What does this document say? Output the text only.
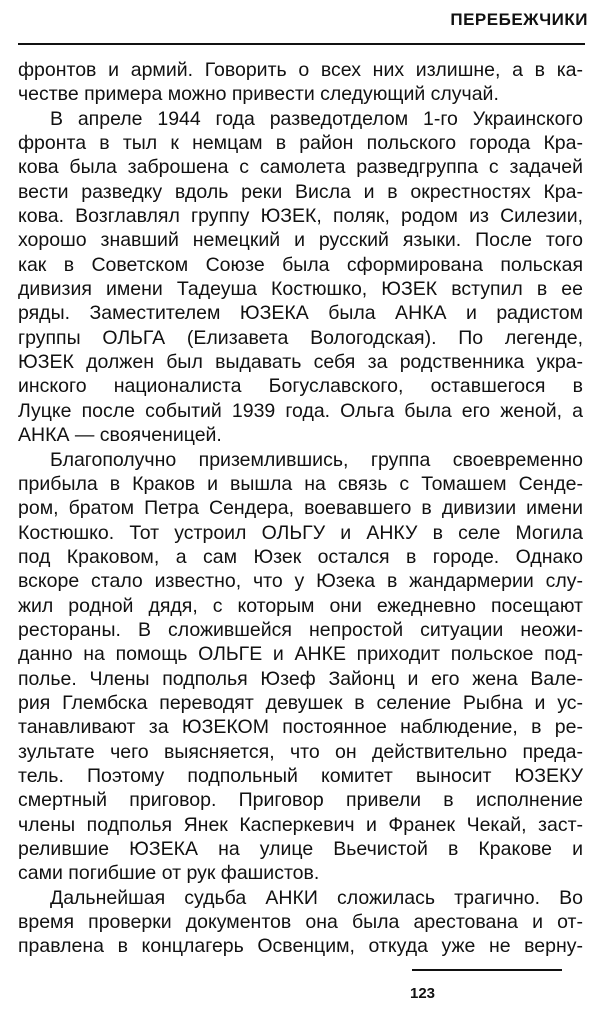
ПЕРЕБЕЖЧИКИ
фронтов и армий. Говорить о всех них излишне, а в ка-
честве примера можно привести следующий случай.
В апреле 1944 года разведотделом 1-го Украинского
фронта в тыл к немцам в район польского города Кра-
кова была заброшена с самолета разведгруппа с задачей
вести разведку вдоль реки Висла и в окрестностях Кра-
кова. Возглавлял группу ЮЗЕК, поляк, родом из Силезии,
хорошо знавший немецкий и русский языки. После того
как в Советском Союзе была сформирована польская
дивизия имени Тадеуша Костюшко, ЮЗЕК вступил в ее
ряды. Заместителем ЮЗЕКА была АНКА и радистом
группы ОЛЬГА (Елизавета Вологодская). По легенде,
ЮЗЕК должен был выдавать себя за родственника укра-
инского националиста Богуславского, оставшегося в
Луцке после событий 1939 года. Ольга была его женой, а
АНКА — свояченицей.
Благополучно приземлившись, группа своевременно
прибыла в Краков и вышла на связь с Томашем Сенде-
ром, братом Петра Сендера, воевавшего в дивизии имени
Костюшко. Тот устроил ОЛЬГУ и АНКУ в селе Могила
под Краковом, а сам Юзек остался в городе. Однако
вскоре стало известно, что у Юзека в жандармерии слу-
жил родной дядя, с которым они ежедневно посещают
рестораны. В сложившейся непростой ситуации неожи-
данно на помощь ОЛЬГЕ и АНКЕ приходит польское под-
полье. Члены подполья Юзеф Зайонц и его жена Вале-
рия Глембска переводят девушек в селение Рыбна и ус-
танавливают за ЮЗЕКОМ постоянное наблюдение, в ре-
зультате чего выясняется, что он действительно преда-
тель. Поэтому подпольный комитет выносит ЮЗЕКУ
смертный приговор. Приговор привели в исполнение
члены подполья Янек Касперкевич и Франек Чекай, заст-
релившие ЮЗЕКА на улице Вьечистой в Кракове и
сами погибшие от рук фашистов.
Дальнейшая судьба АНКИ сложилась трагично. Во
время проверки документов она была арестована и от-
правлена в концлагерь Освенцим, откуда уже не верну-
123
